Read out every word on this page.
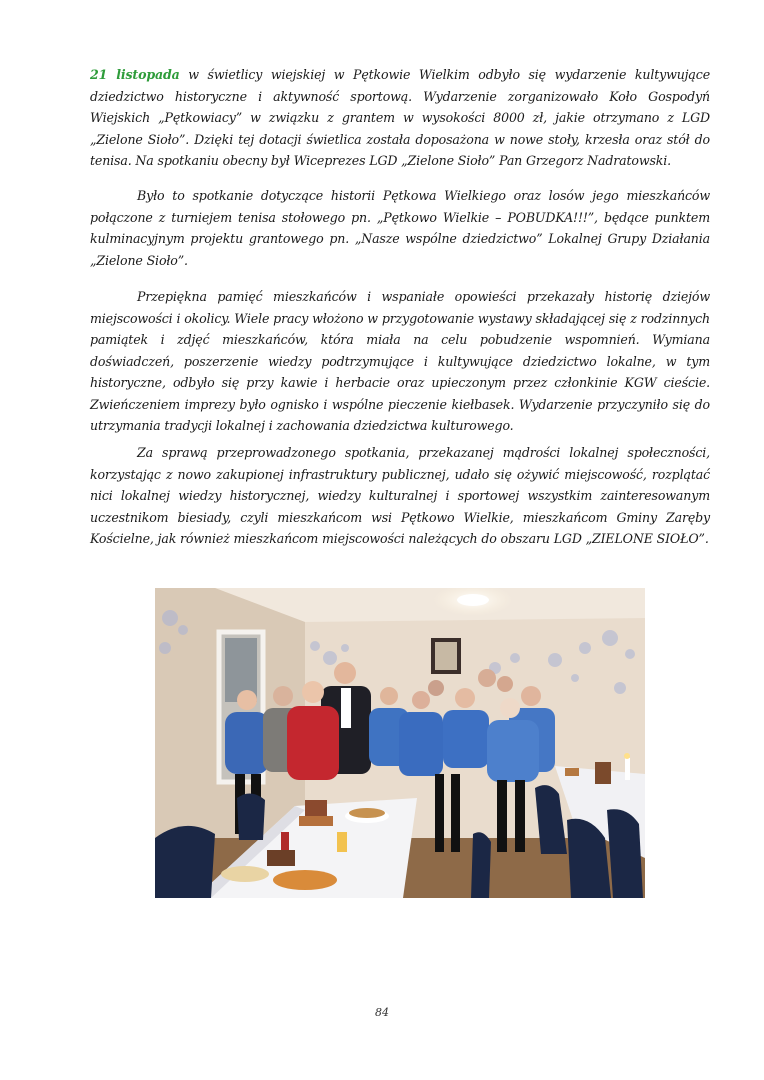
21 listopada w świetlicy wiejskiej w Pętkowie Wielkim odbyło się wydarzenie kultywujące dziedzictwo historyczne i aktywność sportową. Wydarzenie zorganizowało Koło Gospodyń Wiejskich „Pętkowiacy” w związku z grantem w wysokości 8000 zł, jakie otrzymano z LGD „Zielone Sioło”. Dzięki tej dotacji świetlica została doposażona w nowe stoły, krzesła oraz stół do tenisa. Na spotkaniu obecny był Wiceprezes LGD „Zielone Sioło” Pan Grzegorz Nadratowski.
Było to spotkanie dotyczące historii Pętkowa Wielkiego oraz losów jego mieszkańców połączone z turniejem tenisa stołowego pn. „Pętkowo Wielkie – POBUDKA!!!”, będące punktem kulminacyjnym projektu grantowego pn. „Nasze wspólne dziedzictwo” Lokalnej Grupy Działania „Zielone Sioło”.
Przepiękna pamięć mieszkańców i wspaniałe opowieści przekazały historię dziejów miejscowości i okolicy. Wiele pracy włożono w przygotowanie wystawy składającej się z rodzinnych pamiątek i zdjęć mieszkańców, która miała na celu pobudzenie wspomnień. Wymiana doświadczeń, poszerzenie wiedzy podtrzymujące i kultywujące dziedzictwo lokalne, w tym historyczne, odbyło się przy kawie i herbacie oraz upieczonym przez członkinie KGW cieście. Zwieńczeniem imprezy było ognisko i wspólne pieczenie kiełbasek. Wydarzenie przyczyniło się do utrzymania tradycji lokalnej i zachowania dziedzictwa kulturowego.
Za sprawą przeprowadzonego spotkania, przekazanej mądrości lokalnej społeczności, korzystając z nowo zakupionej infrastruktury publicznej, udało się ożywić miejscowość, rozplątać nici lokalnej wiedzy historycznej, wiedzy kulturalnej i sportowej wszystkim zainteresowanym uczestnikom biesiady, czyli mieszkańcom wsi Pętkowo Wielkie, mieszkańcom Gminy Zaręby Kościelne, jak również mieszkańcom miejscowości należących do obszaru LGD „ZIELONE SIOŁO”.
84
